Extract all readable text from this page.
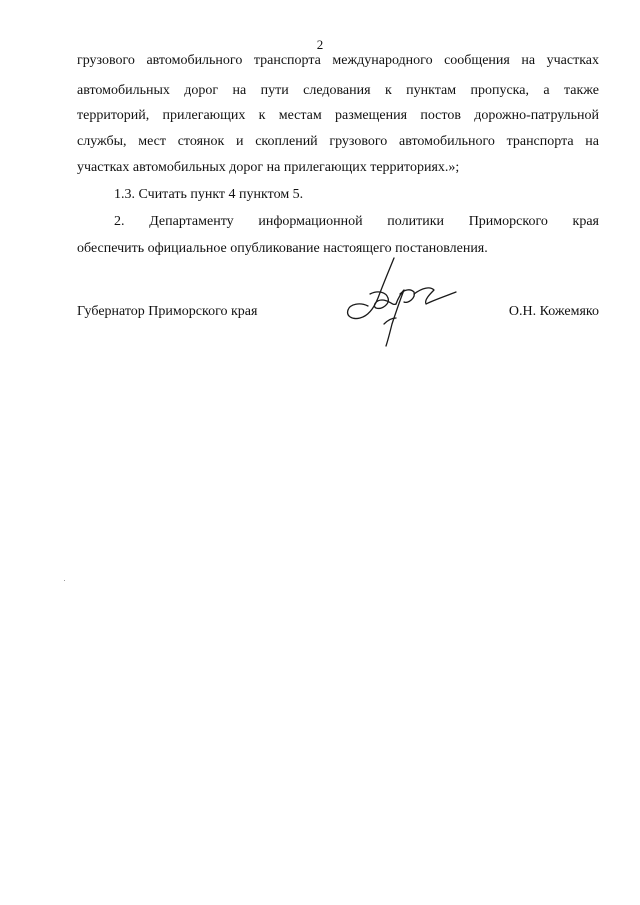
2
грузового автомобильного транспорта международного сообщения на участках
автомобильных дорог на пути следования к пунктам пропуска, а также
территорий, прилегающих к местам размещения постов дорожно-патрульной
службы, мест стоянок и скоплений грузового автомобильного транспорта на
участках автомобильных дорог на прилегающих территориях.»;
1.3. Считать пункт 4 пунктом 5.
2. Департаменту информационной политики Приморского края
обеспечить официальное опубликование настоящего постановления.
Губернатор Приморского края	О.Н. Кожемяко
